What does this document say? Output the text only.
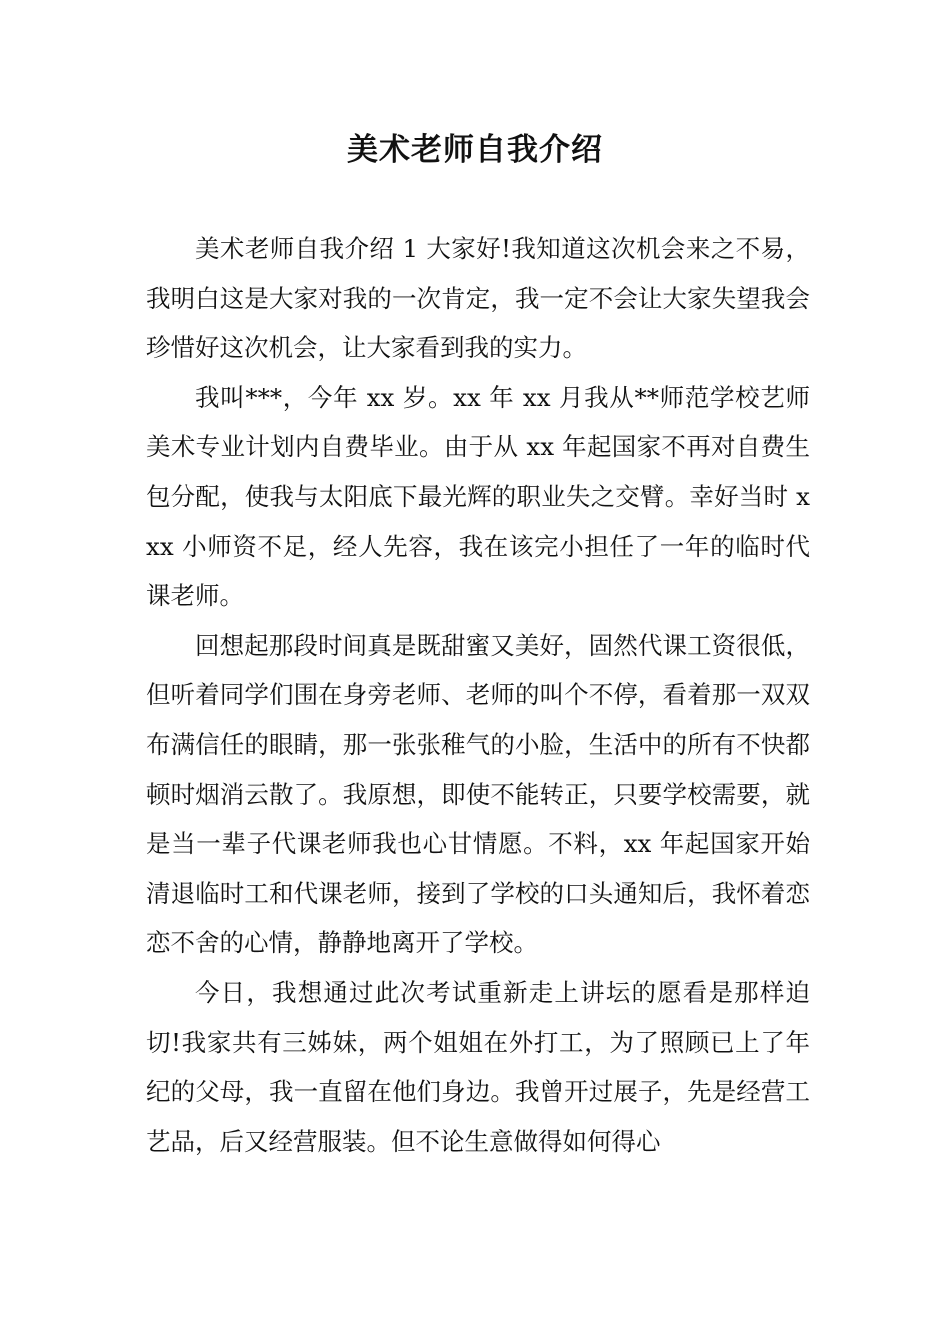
美术老师自我介绍

美术老师自我介绍 1 大家好!我知道这次机会来之不易，我明白这是大家对我的一次肯定，我一定不会让大家失望我会珍惜好这次机会，让大家看到我的实力。

我叫***，今年 xx 岁。xx 年 xx 月我从**师范学校艺师美术专业计划内自费毕业。由于从 xx 年起国家不再对自费生包分配，使我与太阳底下最光辉的职业失之交臂。幸好当时 xxx 小师资不足，经人先容，我在该完小担任了一年的临时代课老师。

回想起那段时间真是既甜蜜又美好，固然代课工资很低，但听着同学们围在身旁老师、老师的叫个不停，看着那一双双布满信任的眼睛，那一张张稚气的小脸，生活中的所有不快都顿时烟消云散了。我原想，即使不能转正，只要学校需要，就是当一辈子代课老师我也心甘情愿。不料，xx 年起国家开始清退临时工和代课老师，接到了学校的口头通知后，我怀着恋恋不舍的心情，静静地离开了学校。

今日，我想通过此次考试重新走上讲坛的愿看是那样迫切!我家共有三姊妹，两个姐姐在外打工，为了照顾已上了年纪的父母，我一直留在他们身边。我曾开过展子，先是经营工艺品，后又经营服装。但不论生意做得如何得心
